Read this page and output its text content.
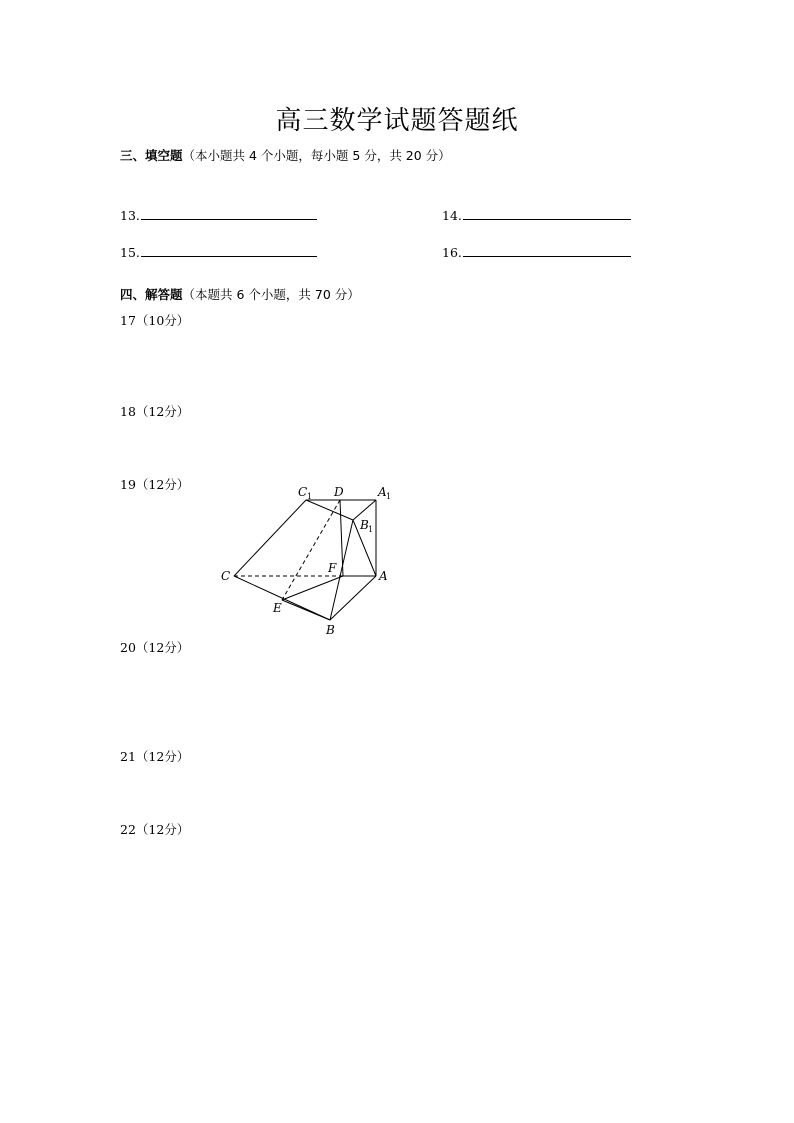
高三数学试题答题纸
三、填空题（本小题共 4 个小题，每小题 5 分，共 20 分）
13.	14.
15.	16.
四、解答题（本题共 6 个小题，共 70 分）
17（10分）
18（12分）
19（12分）
20（12分）
21（12分）
22（12分）
C 1 D	A 1
B 1
C
F
A
E
B
